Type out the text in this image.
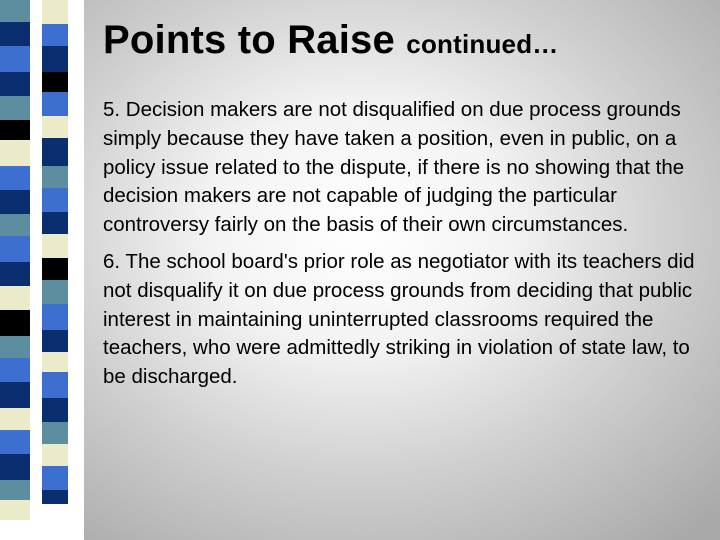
Points to Raise continued…

5. Decision makers are not disqualified on due process grounds simply because they have taken a position, even in public, on a policy issue related to the dispute, if there is no showing that the decision makers are not capable of judging the particular controversy fairly on the basis of their own circumstances.

6. The school board's prior role as negotiator with its teachers did not disqualify it on due process grounds from deciding that public interest in maintaining uninterrupted classrooms required the teachers, who were admittedly striking in violation of state law, to be discharged.
